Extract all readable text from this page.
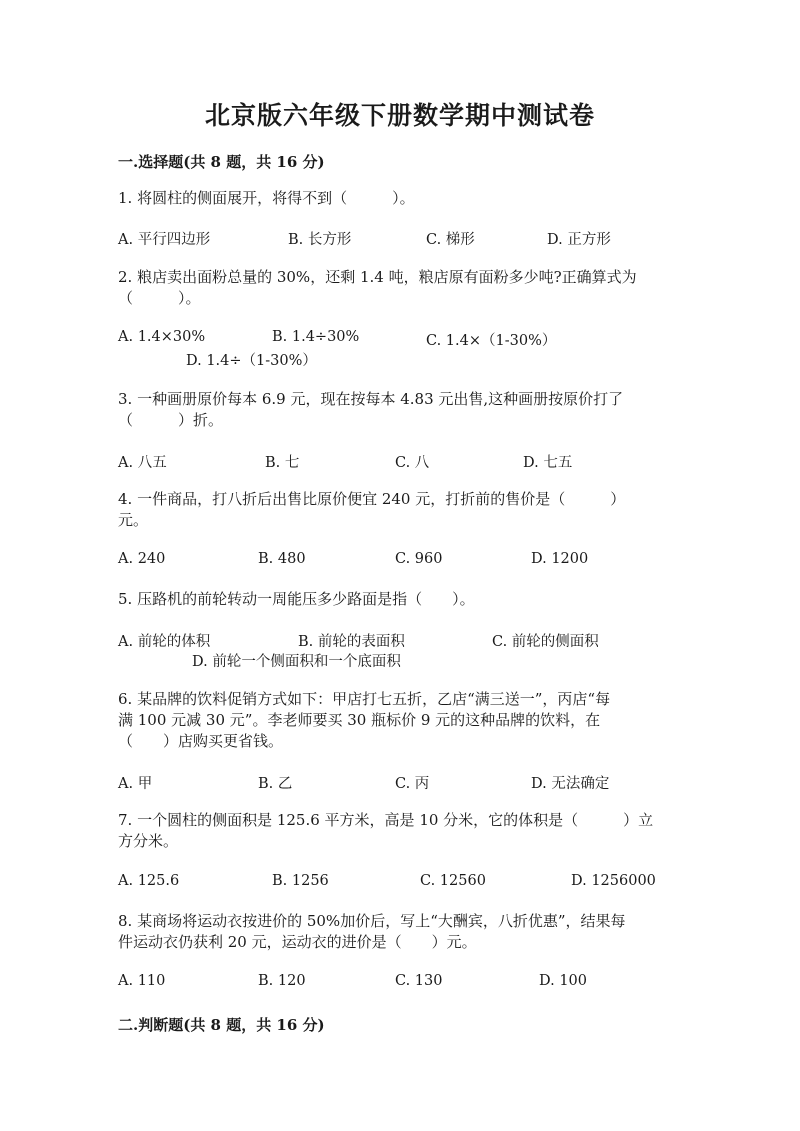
北京版六年级下册数学期中测试卷
一.选择题(共 8 题，共 16 分)
1. 将圆柱的侧面展开，将得不到（　　　）。
A. 平行四边形	B. 长方形	C. 梯形	D. 正方形
2. 粮店卖出面粉总量的 30%，还剩 1.4 吨，粮店原有面粉多少吨?正确算式为
（　　　）。
A. 1.4×30%	B. 1.4÷30%	C. 1.4×（1-30%）
D. 1.4÷（1-30%）
3. 一种画册原价每本 6.9 元，现在按每本 4.83 元出售,这种画册按原价打了
（　　　）折。
A. 八五	B. 七	C. 八	D. 七五
4. 一件商品，打八折后出售比原价便宜 240 元，打折前的售价是（　　　）
元。
A. 240	B. 480	C. 960	D. 1200
5. 压路机的前轮转动一周能压多少路面是指（　　）。
A. 前轮的体积	B. 前轮的表面积	C. 前轮的侧面积
D. 前轮一个侧面积和一个底面积
6. 某品牌的饮料促销方式如下：甲店打七五折，乙店“满三送一”，丙店“每
满 100 元减 30 元”。李老师要买 30 瓶标价 9 元的这种品牌的饮料，在
（　　）店购买更省钱。
A. 甲	B. 乙	C. 丙	D. 无法确定
7. 一个圆柱的侧面积是 125.6 平方米，高是 10 分米，它的体积是（　　　）立
方分米。
A. 125.6	B. 1256	C. 12560	D. 1256000
8. 某商场将运动衣按进价的 50%加价后，写上“大酬宾，八折优惠”，结果每
件运动衣仍获利 20 元，运动衣的进价是（　　）元。
A. 110	B. 120	C. 130	D. 100
二.判断题(共 8 题，共 16 分)
